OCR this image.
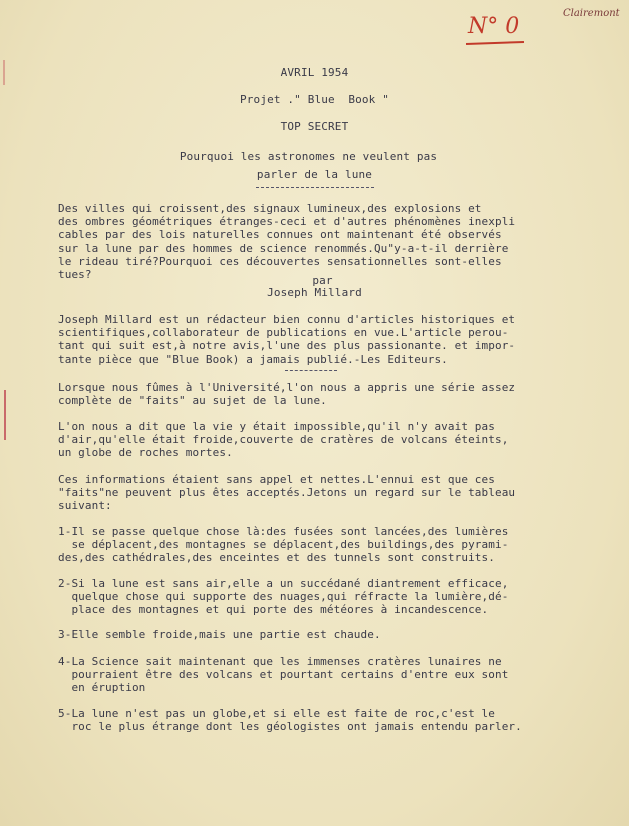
N° 0
Clairemont
AVRIL 1954
Projet ." Blue  Book "
TOP SECRET
Pourquoi les astronomes ne veulent pas
parler de la lune
Des villes qui croissent,des signaux lumineux,des explosions et
des ombres géométriques étranges-ceci et d'autres phénomènes inexpli
cables par des lois naturelles connues ont maintenant été observés
sur la lune par des hommes de science renommés.Qu"y-a-t-il derrière
le rideau tiré?Pourquoi ces découvertes sensationnelles sont-elles
tues?	par
Joseph Millard
Joseph Millard est un rédacteur bien connu d'articles historiques et
scientifiques,collaborateur de publications en vue.L'article perou-
tant qui suit est,à notre avis,l'une des plus passionante. et impor-
tante pièce que "Blue Book) a jamais publié.-Les Editeurs.
Lorsque nous fûmes à l'Université,l'on nous a appris une série assez
complète de "faits" au sujet de la lune.
L'on nous a dit que la vie y était impossible,qu'il n'y avait pas
d'air,qu'elle était froide,couverte de cratères de volcans éteints,
un globe de roches mortes.
Ces informations étaient sans appel et nettes.L'ennui est que ces
"faits"ne peuvent plus êtes acceptés.Jetons un regard sur le tableau
suivant:
1-Il se passe quelque chose là:des fusées sont lancées,des lumières
se déplacent,des montagnes se déplacent,des buildings,des pyrami-
des,des cathédrales,des enceintes et des tunnels sont construits.
2-Si la lune est sans air,elle a un succédané diantrement efficace,
quelque chose qui supporte des nuages,qui réfracte la lumière,dé-
place des montagnes et qui porte des météores à incandescence.
3-Elle semble froide,mais une partie est chaude.
4-La Science sait maintenant que les immenses cratères lunaires ne
pourraient être des volcans et pourtant certains d'entre eux sont
en éruption
5-La lune n'est pas un globe,et si elle est faite de roc,c'est le
roc le plus étrange dont les géologistes ont jamais entendu parler.
